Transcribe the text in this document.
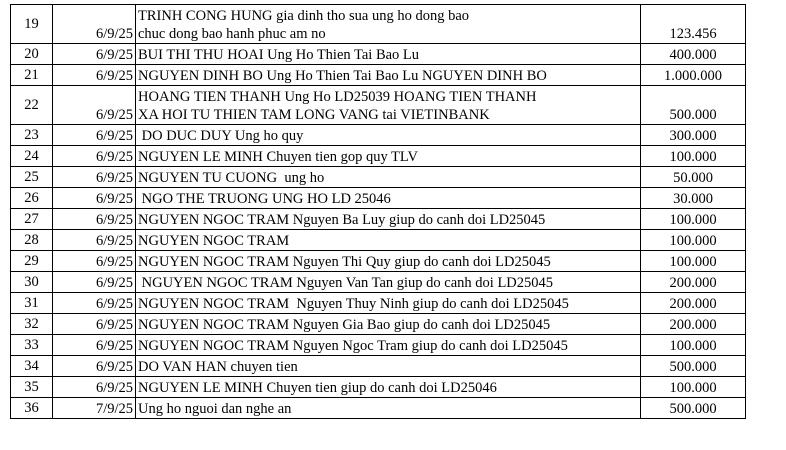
19	6/9/25	TRINH CONG HUNG gia dinh tho sua ung ho dong bao
chuc dong bao hanh phuc am no	123.456
20	6/9/25	BUI THI THU HOAI Ung Ho Thien Tai Bao Lu	400.000
21	6/9/25	NGUYEN DINH BO Ung Ho Thien Tai Bao Lu NGUYEN DINH BO	1.000.000
22	6/9/25	HOANG TIEN THANH Ung Ho LD25039 HOANG TIEN THANH
XA HOI TU THIEN TAM LONG VANG tai VIETINBANK	500.000
23	6/9/25	DO DUC DUY Ung ho quy	300.000
24	6/9/25	NGUYEN LE MINH Chuyen tien gop quy TLV	100.000
25	6/9/25	NGUYEN TU CUONG  ung ho	50.000
26	6/9/25	NGO THE TRUONG UNG HO LD 25046	30.000
27	6/9/25	NGUYEN NGOC TRAM Nguyen Ba Luy giup do canh doi LD25045	100.000
28	6/9/25	NGUYEN NGOC TRAM	100.000
29	6/9/25	NGUYEN NGOC TRAM Nguyen Thi Quy giup do canh doi LD25045	100.000
30	6/9/25	NGUYEN NGOC TRAM Nguyen Van Tan giup do canh doi LD25045	200.000
31	6/9/25	NGUYEN NGOC TRAM  Nguyen Thuy Ninh giup do canh doi LD25045	200.000
32	6/9/25	NGUYEN NGOC TRAM Nguyen Gia Bao giup do canh doi LD25045	200.000
33	6/9/25	NGUYEN NGOC TRAM Nguyen Ngoc Tram giup do canh doi LD25045	100.000
34	6/9/25	DO VAN HAN chuyen tien	500.000
35	6/9/25	NGUYEN LE MINH Chuyen tien giup do canh doi LD25046	100.000
36	7/9/25	Ung ho nguoi dan nghe an	500.000
